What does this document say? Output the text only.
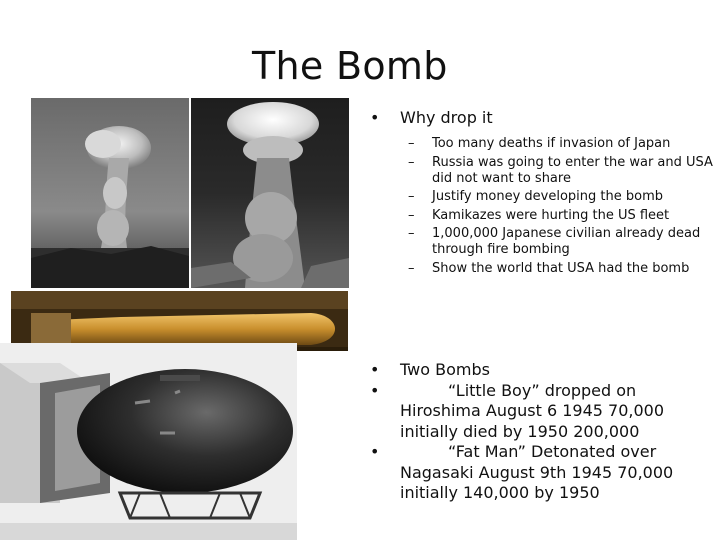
The Bomb
• Why drop it
– Too many deaths if invasion of Japan
– Russia was going to enter the war and USA did not want to share
– Justify money developing the bomb
– Kamikazes were hurting the US fleet
– 1,000,000 Japanese civilian already dead through fire bombing
– Show the world that USA had the bomb
• Two Bombs
•	“Little Boy” dropped on Hiroshima August 6 1945 70,000 initially died by 1950 200,000
•	“Fat Man” Detonated over Nagasaki August 9th 1945 70,000 initially 140,000 by 1950
